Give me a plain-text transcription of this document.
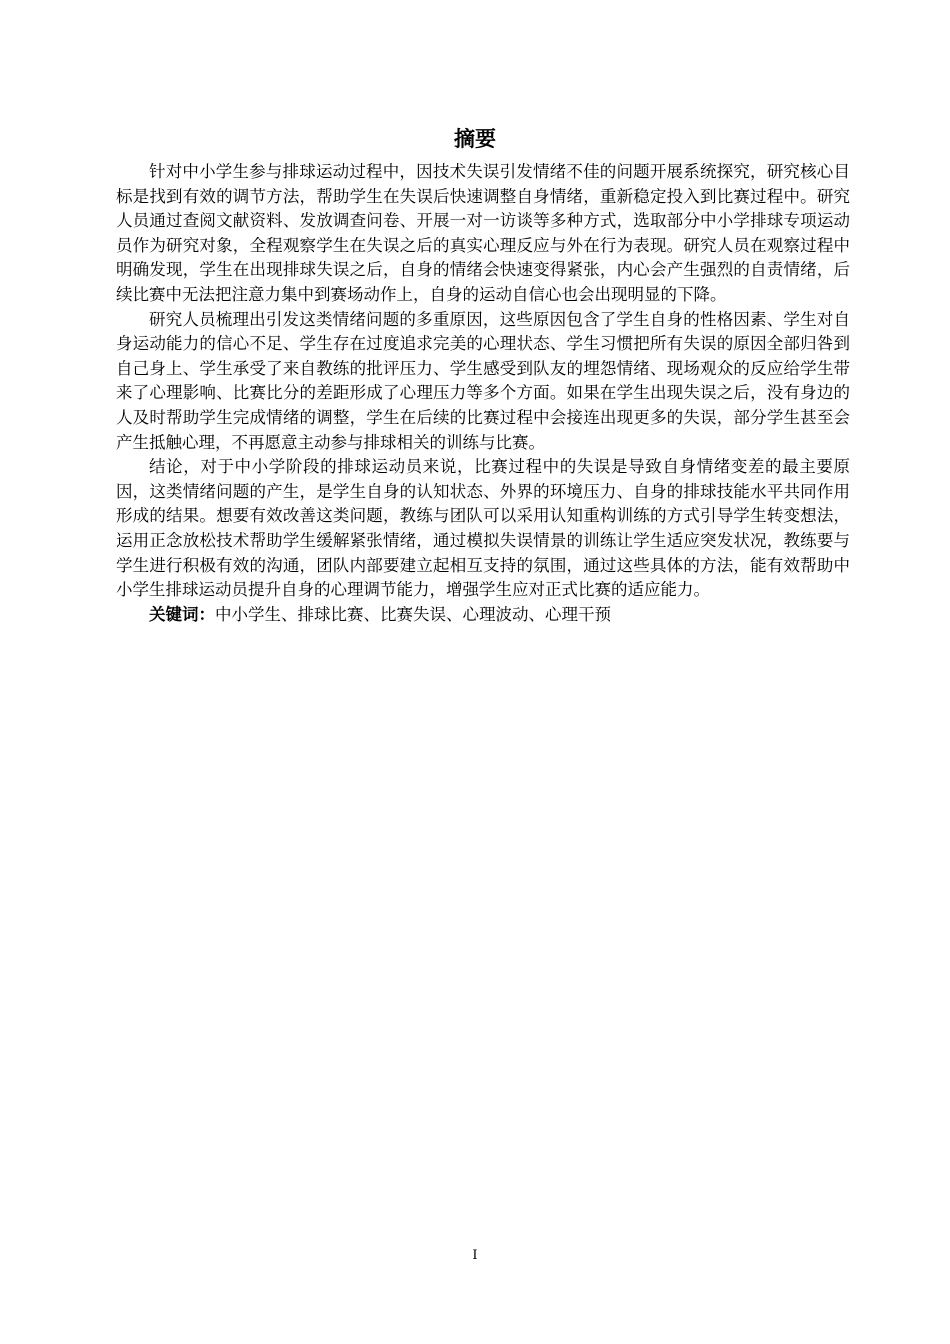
摘要

针对中小学生参与排球运动过程中，因技术失误引发情绪不佳的问题开展系统探究，研究核心目标是找到有效的调节方法，帮助学生在失误后快速调整自身情绪，重新稳定投入到比赛过程中。研究人员通过查阅文献资料、发放调查问卷、开展一对一访谈等多种方式，选取部分中小学排球专项运动员作为研究对象，全程观察学生在失误之后的真实心理反应与外在行为表现。研究人员在观察过程中明确发现，学生在出现排球失误之后，自身的情绪会快速变得紧张，内心会产生强烈的自责情绪，后续比赛中无法把注意力集中到赛场动作上，自身的运动自信心也会出现明显的下降。

研究人员梳理出引发这类情绪问题的多重原因，这些原因包含了学生自身的性格因素、学生对自身运动能力的信心不足、学生存在过度追求完美的心理状态、学生习惯把所有失误的原因全部归咎到自己身上、学生承受了来自教练的批评压力、学生感受到队友的埋怨情绪、现场观众的反应给学生带来了心理影响、比赛比分的差距形成了心理压力等多个方面。如果在学生出现失误之后，没有身边的人及时帮助学生完成情绪的调整，学生在后续的比赛过程中会接连出现更多的失误，部分学生甚至会产生抵触心理，不再愿意主动参与排球相关的训练与比赛。

结论，对于中小学阶段的排球运动员来说，比赛过程中的失误是导致自身情绪变差的最主要原因，这类情绪问题的产生，是学生自身的认知状态、外界的环境压力、自身的排球技能水平共同作用形成的结果。想要有效改善这类问题，教练与团队可以采用认知重构训练的方式引导学生转变想法，运用正念放松技术帮助学生缓解紧张情绪，通过模拟失误情景的训练让学生适应突发状况，教练要与学生进行积极有效的沟通，团队内部要建立起相互支持的氛围，通过这些具体的方法，能有效帮助中小学生排球运动员提升自身的心理调节能力，增强学生应对正式比赛的适应能力。

关键词：中小学生、排球比赛、比赛失误、心理波动、心理干预

I
